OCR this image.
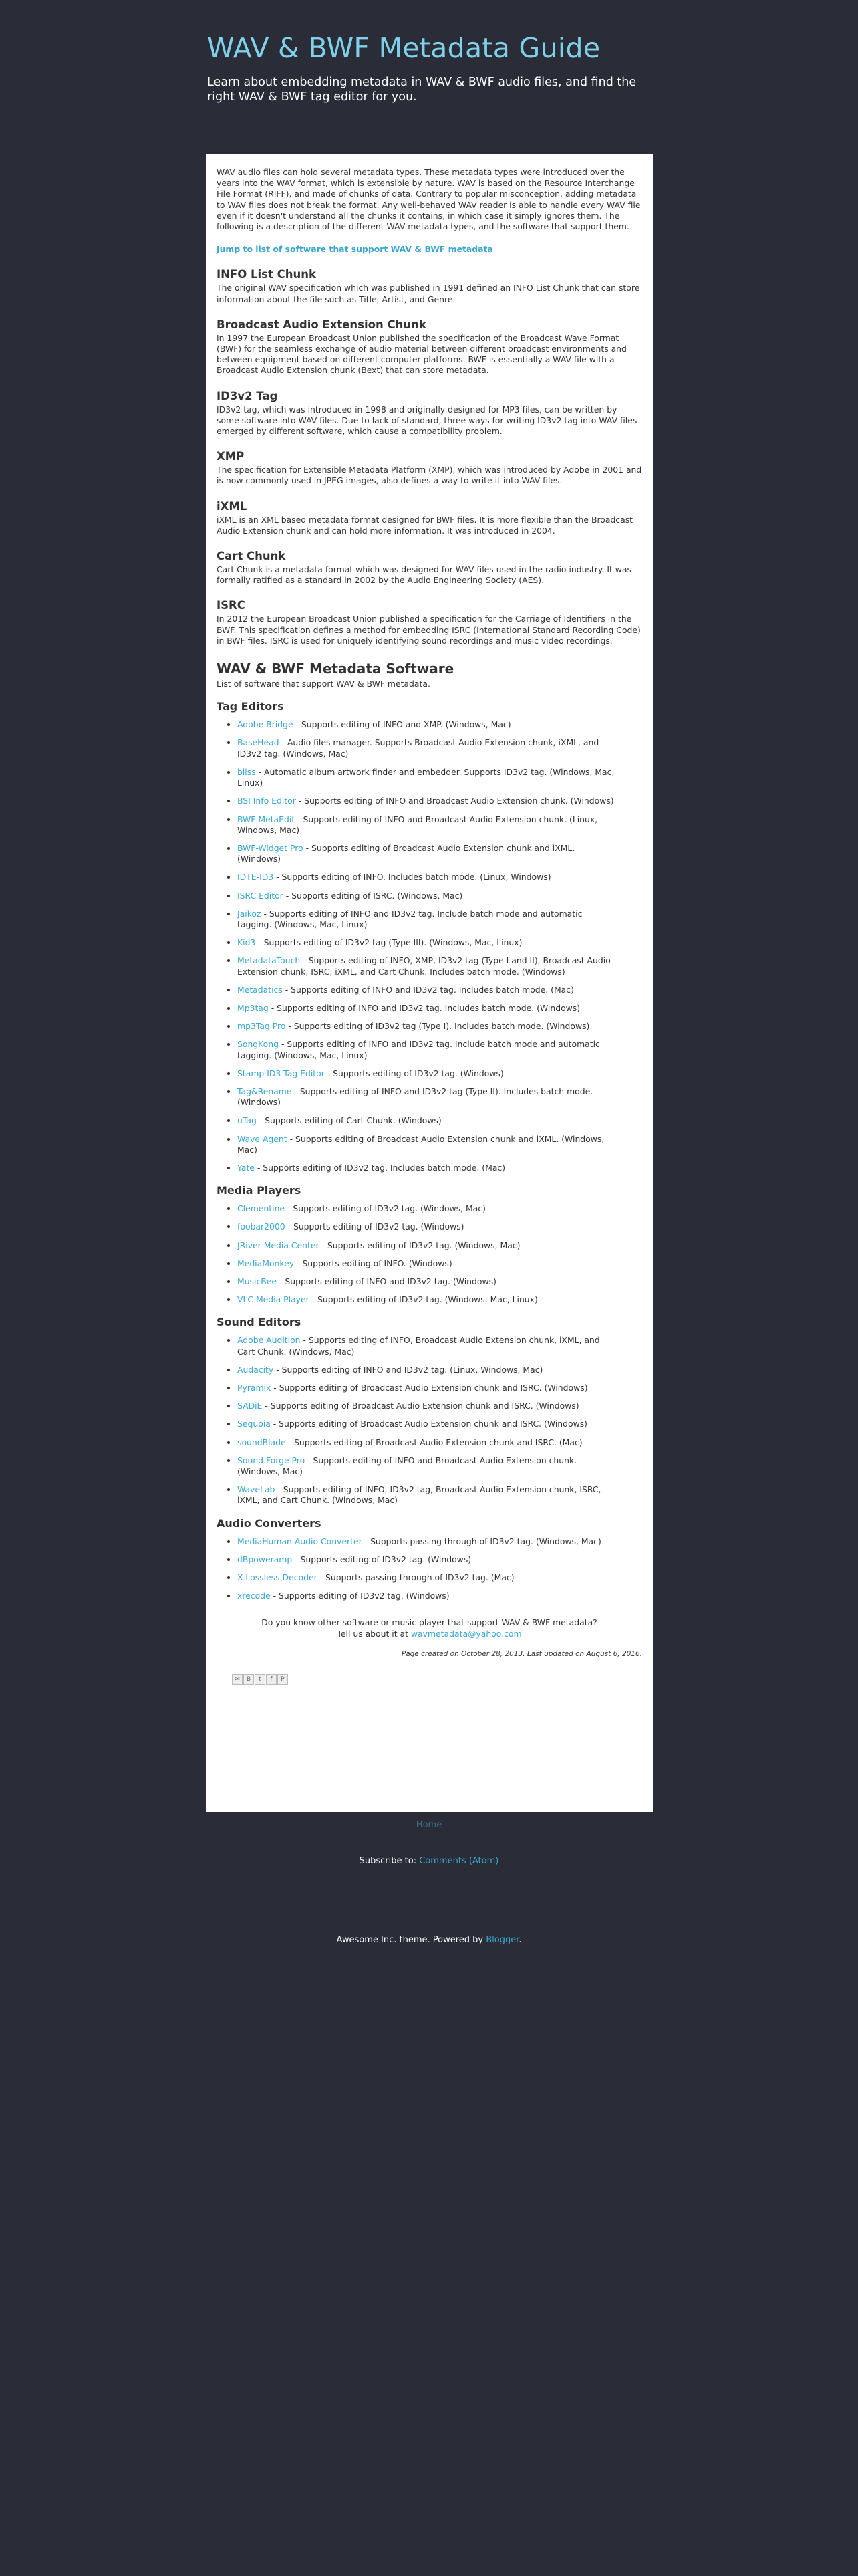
WAV & BWF Metadata Guide

Learn about embedding metadata in WAV & BWF audio files, and find the right WAV & BWF tag editor for you.

WAV audio files can hold several metadata types. These metadata types were introduced over the years into the WAV format, which is extensible by nature. WAV is based on the Resource Interchange File Format (RIFF), and made of chunks of data. Contrary to popular misconception, adding metadata to WAV files does not break the format. Any well-behaved WAV reader is able to handle every WAV file even if it doesn't understand all the chunks it contains, in which case it simply ignores them. The following is a description of the different WAV metadata types, and the software that support them.

Jump to list of software that support WAV & BWF metadata
INFO List Chunk

The original WAV specification which was published in 1991 defined an INFO List Chunk that can store information about the file such as Title, Artist, and Genre.

Broadcast Audio Extension Chunk

In 1997 the European Broadcast Union published the specification of the Broadcast Wave Format (BWF) for the seamless exchange of audio material between different broadcast environments and between equipment based on different computer platforms. BWF is essentially a WAV file with a Broadcast Audio Extension chunk (Bext) that can store metadata.

ID3v2 Tag

ID3v2 tag, which was introduced in 1998 and originally designed for MP3 files, can be written by some software into WAV files. Due to lack of standard, three ways for writing ID3v2 tag into WAV files emerged by different software, which cause a compatibility problem.

XMP

The specification for Extensible Metadata Platform (XMP), which was introduced by Adobe in 2001 and is now commonly used in JPEG images, also defines a way to write it into WAV files.

iXML

iXML is an XML based metadata format designed for BWF files. It is more flexible than the Broadcast Audio Extension chunk and can hold more information. It was introduced in 2004.

Cart Chunk

Cart Chunk is a metadata format which was designed for WAV files used in the radio industry. It was formally ratified as a standard in 2002 by the Audio Engineering Society (AES).

ISRC

In 2012 the European Broadcast Union published a specification for the Carriage of Identifiers in the BWF. This specification defines a method for embedding ISRC (International Standard Recording Code) in BWF files. ISRC is used for uniquely identifying sound recordings and music video recordings.

WAV & BWF Metadata Software

List of software that support WAV & BWF metadata.

Tag Editors
• Adobe Bridge - Supports editing of INFO and XMP. (Windows, Mac)
• BaseHead - Audio files manager. Supports Broadcast Audio Extension chunk, iXML, and ID3v2 tag. (Windows, Mac)
• bliss - Automatic album artwork finder and embedder. Supports ID3v2 tag. (Windows, Mac, Linux)
• BSI Info Editor - Supports editing of INFO and Broadcast Audio Extension chunk. (Windows)
• BWF MetaEdit - Supports editing of INFO and Broadcast Audio Extension chunk. (Linux, Windows, Mac)
• BWF-Widget Pro - Supports editing of Broadcast Audio Extension chunk and iXML. (Windows)
• IDTE-ID3 - Supports editing of INFO. Includes batch mode. (Linux, Windows)
• ISRC Editor - Supports editing of ISRC. (Windows, Mac)
• Jaikoz - Supports editing of INFO and ID3v2 tag. Include batch mode and automatic tagging. (Windows, Mac, Linux)
• Kid3 - Supports editing of ID3v2 tag (Type III). (Windows, Mac, Linux)
• MetadataTouch - Supports editing of INFO, XMP, ID3v2 tag (Type I and II), Broadcast Audio Extension chunk, ISRC, iXML, and Cart Chunk. Includes batch mode. (Windows)
• Metadatics - Supports editing of INFO and ID3v2 tag. Includes batch mode. (Mac)
• Mp3tag - Supports editing of INFO and ID3v2 tag. Includes batch mode. (Windows)
• mp3Tag Pro - Supports editing of ID3v2 tag (Type I). Includes batch mode. (Windows)
• SongKong - Supports editing of INFO and ID3v2 tag. Include batch mode and automatic tagging. (Windows, Mac, Linux)
• Stamp ID3 Tag Editor - Supports editing of ID3v2 tag. (Windows)
• Tag&Rename - Supports editing of INFO and ID3v2 tag (Type II). Includes batch mode. (Windows)
• uTag - Supports editing of Cart Chunk. (Windows)
• Wave Agent - Supports editing of Broadcast Audio Extension chunk and iXML. (Windows, Mac)
• Yate - Supports editing of ID3v2 tag. Includes batch mode. (Mac)
Media Players
• Clementine - Supports editing of ID3v2 tag. (Windows, Mac)
• foobar2000 - Supports editing of ID3v2 tag. (Windows)
• JRiver Media Center - Supports editing of ID3v2 tag. (Windows, Mac)
• MediaMonkey - Supports editing of INFO. (Windows)
• MusicBee - Supports editing of INFO and ID3v2 tag. (Windows)
• VLC Media Player - Supports editing of ID3v2 tag. (Windows, Mac, Linux)
Sound Editors
• Adobe Audition - Supports editing of INFO, Broadcast Audio Extension chunk, iXML, and Cart Chunk. (Windows, Mac)
• Audacity - Supports editing of INFO and ID3v2 tag. (Linux, Windows, Mac)
• Pyramix - Supports editing of Broadcast Audio Extension chunk and ISRC. (Windows)
• SADiE - Supports editing of Broadcast Audio Extension chunk and ISRC. (Windows)
• Sequoia - Supports editing of Broadcast Audio Extension chunk and ISRC. (Windows)
• soundBlade - Supports editing of Broadcast Audio Extension chunk and ISRC. (Mac)
• Sound Forge Pro - Supports editing of INFO and Broadcast Audio Extension chunk. (Windows, Mac)
• WaveLab - Supports editing of INFO, ID3v2 tag, Broadcast Audio Extension chunk, ISRC, iXML, and Cart Chunk. (Windows, Mac)
Audio Converters
• MediaHuman Audio Converter - Supports passing through of ID3v2 tag. (Windows, Mac)
• dBpoweramp - Supports editing of ID3v2 tag. (Windows)
• X Lossless Decoder - Supports passing through of ID3v2 tag. (Mac)
• xrecode - Supports editing of ID3v2 tag. (Windows)
Do you know other software or music player that support WAV & BWF metadata?
Tell us about it at wavmetadata@yahoo.com
Page created on October 28, 2013. Last updated on August 6, 2016.
✉	B	t	f	P
Home
Subscribe to: Comments (Atom)
Awesome Inc. theme. Powered by Blogger.
